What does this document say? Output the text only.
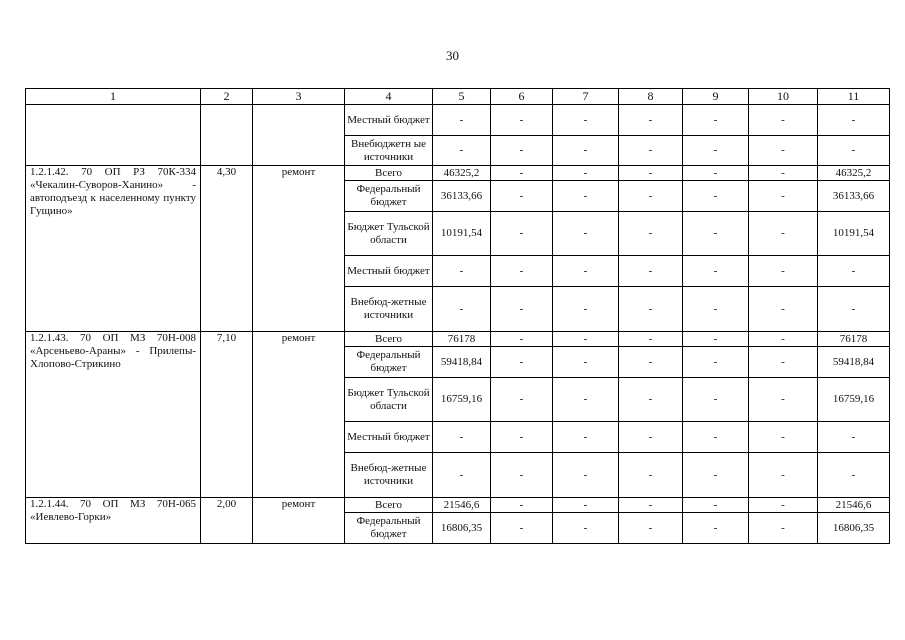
30
1	2	3	4	5	6	7	8	9	10	11
			Местный бюджет	-	-	-	-	-	-	-
			Внебюджетн ые источники	-	-	-	-	-	-	-
1.2.1.42. 70 ОП РЗ 70К-334 «Чекалин-Суворов-Ханино» - автоподъезд к населенному пункту Гущино»	4,30	ремонт	Всего	46325,2	-	-	-	-	-	46325,2
			Федеральный бюджет	36133,66	-	-	-	-	-	36133,66
			Бюджет Тульской области	10191,54	-	-	-	-	-	10191,54
			Местный бюджет	-	-	-	-	-	-	-
			Внебюд-жетные источники	-	-	-	-	-	-	-
1.2.1.43. 70 ОП МЗ 70Н-008 «Арсеньево-Араны» - Прилепы-Хлопово-Стрикино	7,10	ремонт	Всего	76178	-	-	-	-	-	76178
			Федеральный бюджет	59418,84	-	-	-	-	-	59418,84
			Бюджет Тульской области	16759,16	-	-	-	-	-	16759,16
			Местный бюджет	-	-	-	-	-	-	-
			Внебюд-жетные источники	-	-	-	-	-	-	-
1.2.1.44. 70 ОП МЗ 70Н-065 «Иевлево-Горки»	2,00	ремонт	Всего	21546,6	-	-	-	-	-	21546,6
			Федеральный бюджет	16806,35	-	-	-	-	-	16806,35
